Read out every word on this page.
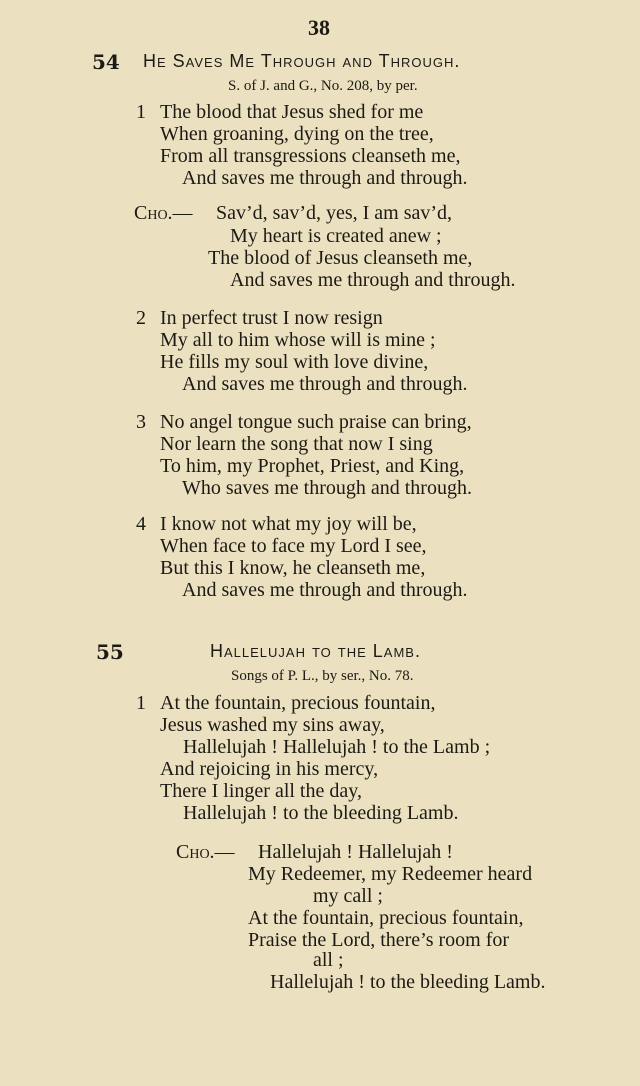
38
54 He Saves Me Through and Through.
S. of J. and G., No. 208, by per.
1 The blood that Jesus shed for me
When groaning, dying on the tree,
From all transgressions cleanseth me,
And saves me through and through.
Cho.— Sav’d, sav’d, yes, I am sav’d,
My heart is created anew ;
The blood of Jesus cleanseth me,
And saves me through and through.
2 In perfect trust I now resign
My all to him whose will is mine ;
He fills my soul with love divine,
And saves me through and through.
3 No angel tongue such praise can bring,
Nor learn the song that now I sing
To him, my Prophet, Priest, and King,
Who saves me through and through.
4 I know not what my joy will be,
When face to face my Lord I see,
But this I know, he cleanseth me,
And saves me through and through.
55	Hallelujah to the Lamb.
Songs of P. L., by ser., No. 78.
1 At the fountain, precious fountain,
Jesus washed my sins away,
Hallelujah ! Hallelujah ! to the Lamb ;
And rejoicing in his mercy,
There I linger all the day,
Hallelujah ! to the bleeding Lamb.
Cho.— Hallelujah ! Hallelujah !
My Redeemer, my Redeemer heard
my call ;
At the fountain, precious fountain,
Praise the Lord, there’s room for
all ;
Hallelujah ! to the bleeding Lamb.
